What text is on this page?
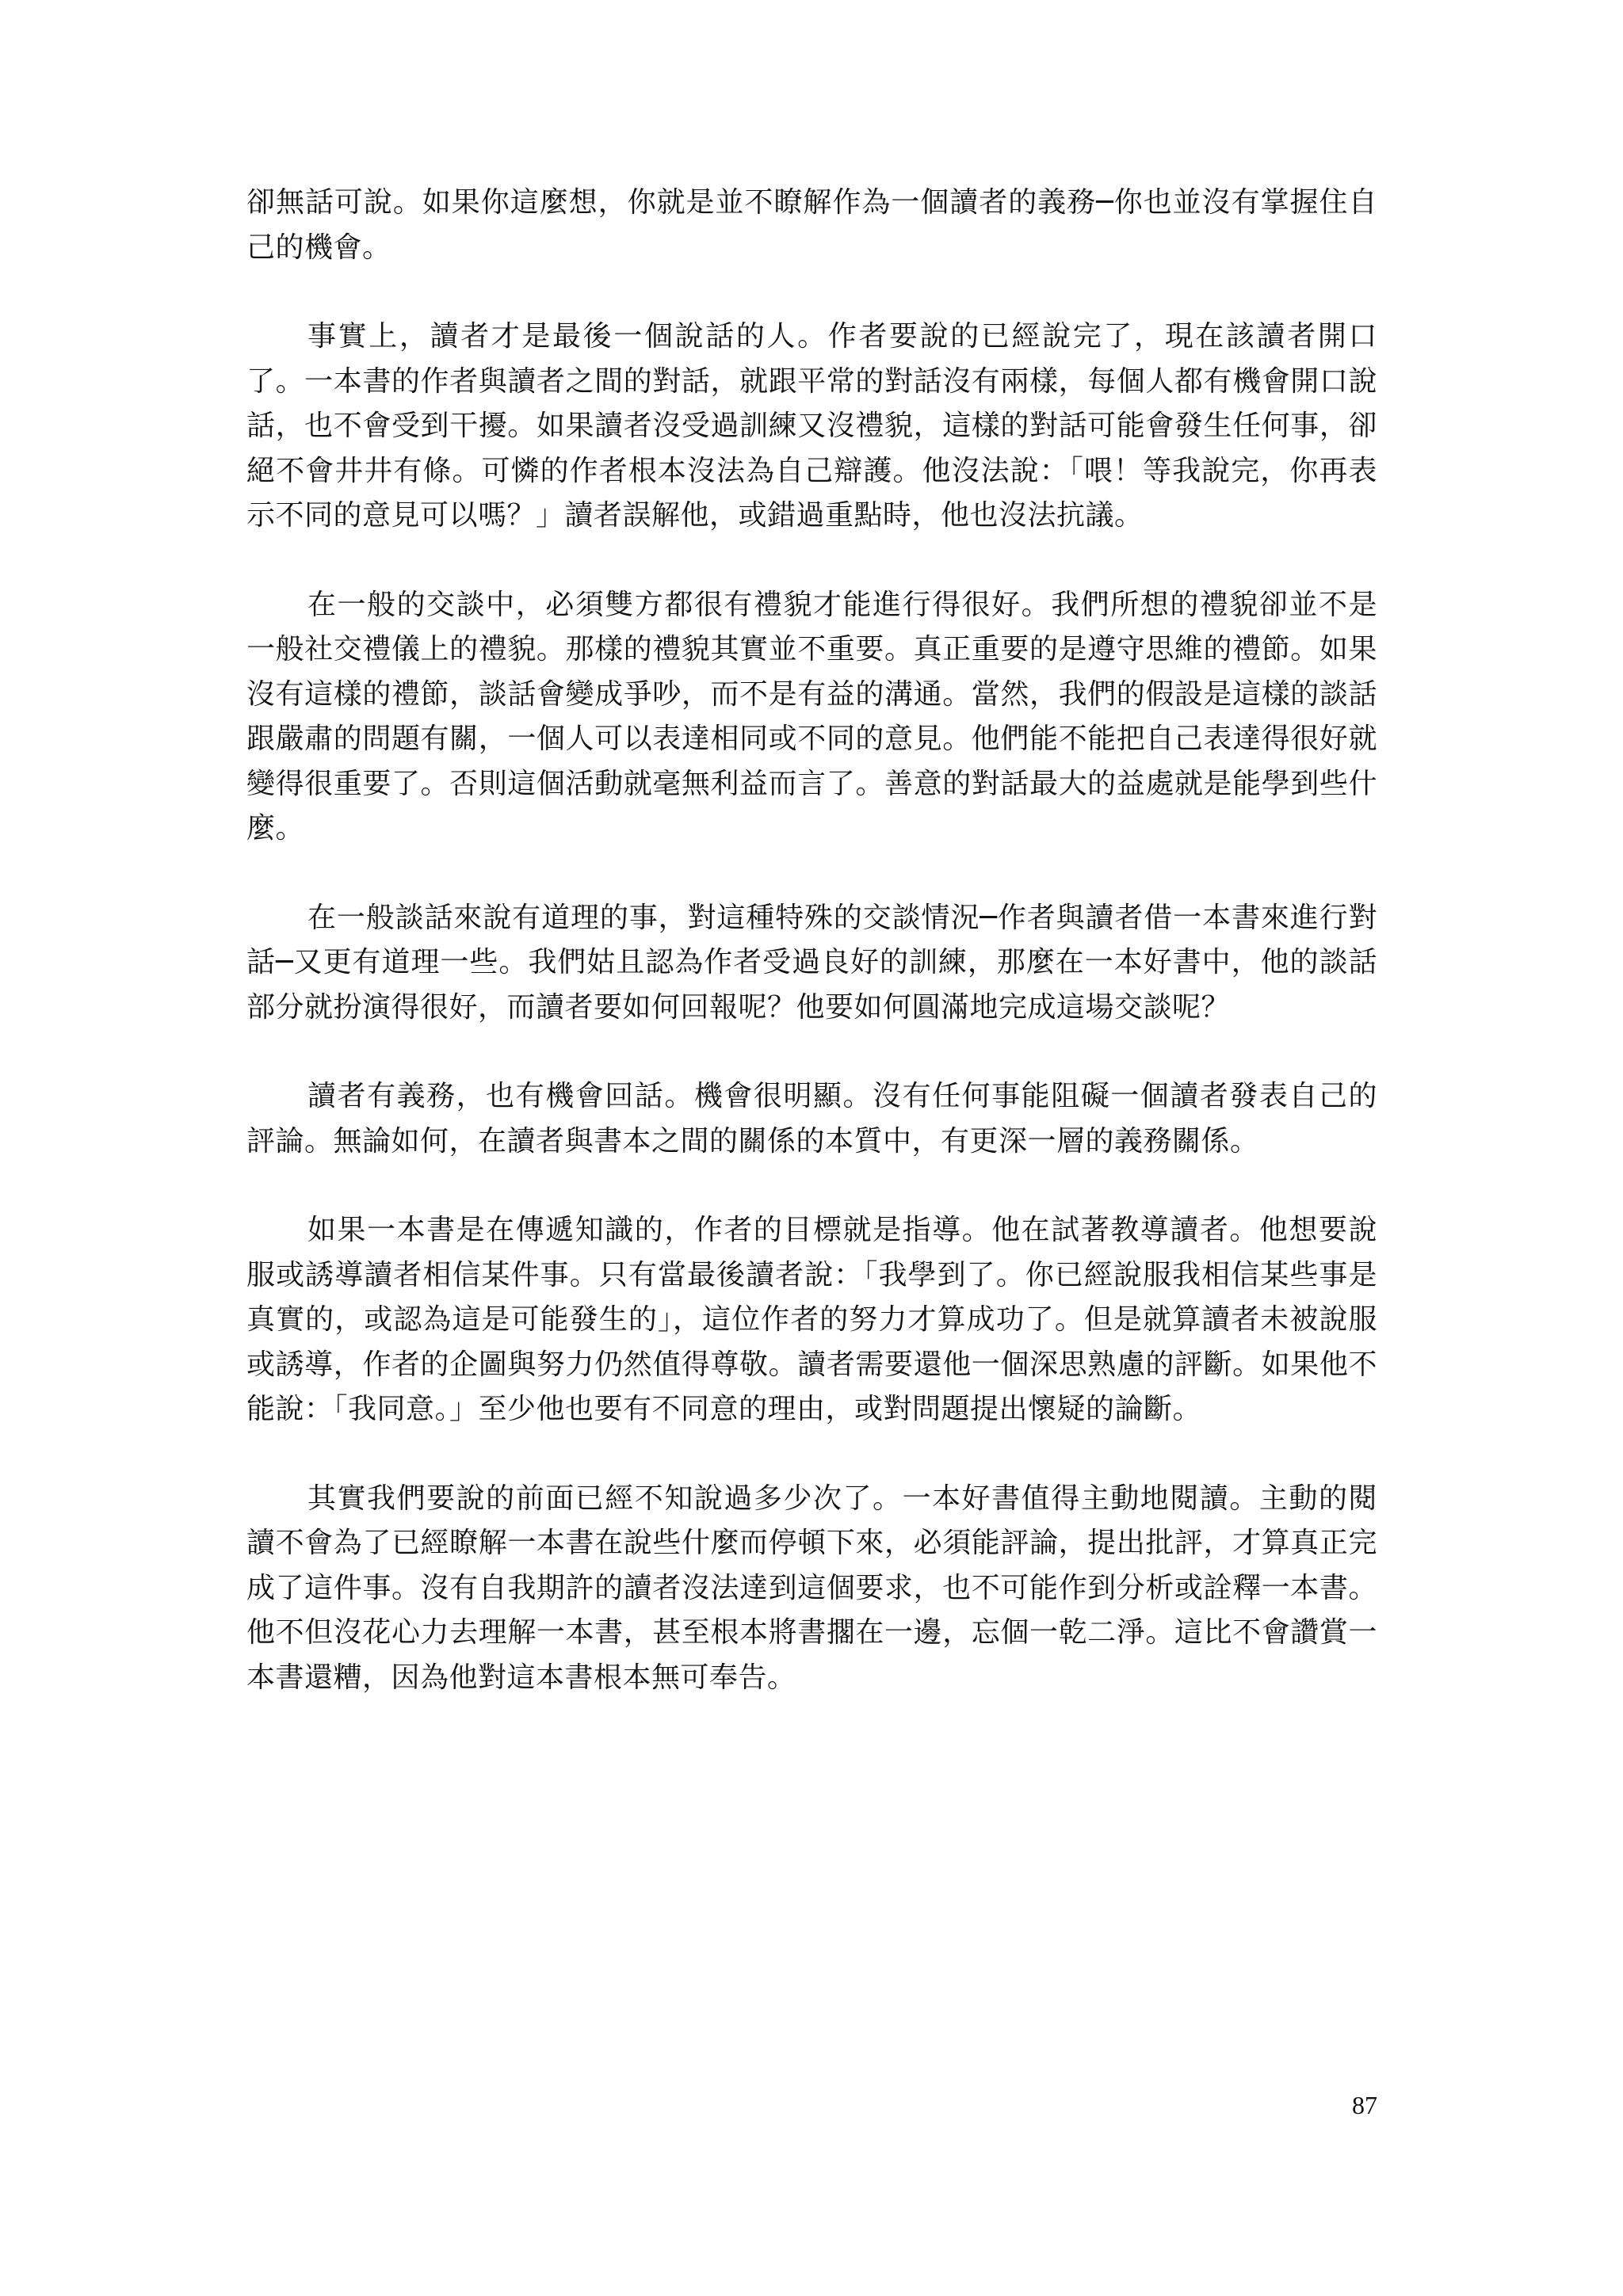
卻無話可說。如果你這麼想，你就是並不瞭解作為一個讀者的義務─你也並沒有掌握住自己的機會。

事實上，讀者才是最後一個說話的人。作者要說的已經說完了，現在該讀者開口了。一本書的作者與讀者之間的對話，就跟平常的對話沒有兩樣，每個人都有機會開口說話，也不會受到干擾。如果讀者沒受過訓練又沒禮貌，這樣的對話可能會發生任何事，卻絕不會井井有條。可憐的作者根本沒法為自己辯護。他沒法說：「喂！等我說完，你再表示不同的意見可以嗎？」讀者誤解他，或錯過重點時，他也沒法抗議。

在一般的交談中，必須雙方都很有禮貌才能進行得很好。我們所想的禮貌卻並不是一般社交禮儀上的禮貌。那樣的禮貌其實並不重要。真正重要的是遵守思維的禮節。如果沒有這樣的禮節，談話會變成爭吵，而不是有益的溝通。當然，我們的假設是這樣的談話跟嚴肅的問題有關，一個人可以表達相同或不同的意見。他們能不能把自己表達得很好就變得很重要了。否則這個活動就毫無利益而言了。善意的對話最大的益處就是能學到些什麼。

在一般談話來說有道理的事，對這種特殊的交談情況─作者與讀者借一本書來進行對話─又更有道理一些。我們姑且認為作者受過良好的訓練，那麼在一本好書中，他的談話部分就扮演得很好，而讀者要如何回報呢？他要如何圓滿地完成這場交談呢？

讀者有義務，也有機會回話。機會很明顯。沒有任何事能阻礙一個讀者發表自己的評論。無論如何，在讀者與書本之間的關係的本質中，有更深一層的義務關係。

如果一本書是在傳遞知識的，作者的目標就是指導。他在試著教導讀者。他想要說服或誘導讀者相信某件事。只有當最後讀者說：「我學到了。你已經說服我相信某些事是真實的，或認為這是可能發生的」，這位作者的努力才算成功了。但是就算讀者未被說服或誘導，作者的企圖與努力仍然值得尊敬。讀者需要還他一個深思熟慮的評斷。如果他不能說：「我同意。」至少他也要有不同意的理由，或對問題提出懷疑的論斷。

其實我們要說的前面已經不知說過多少次了。一本好書值得主動地閱讀。主動的閱讀不會為了已經瞭解一本書在說些什麼而停頓下來，必須能評論，提出批評，才算真正完成了這件事。沒有自我期許的讀者沒法達到這個要求，也不可能作到分析或詮釋一本書。他不但沒花心力去理解一本書，甚至根本將書擱在一邊，忘個一乾二淨。這比不會讚賞一本書還糟，因為他對這本書根本無可奉告。

87
